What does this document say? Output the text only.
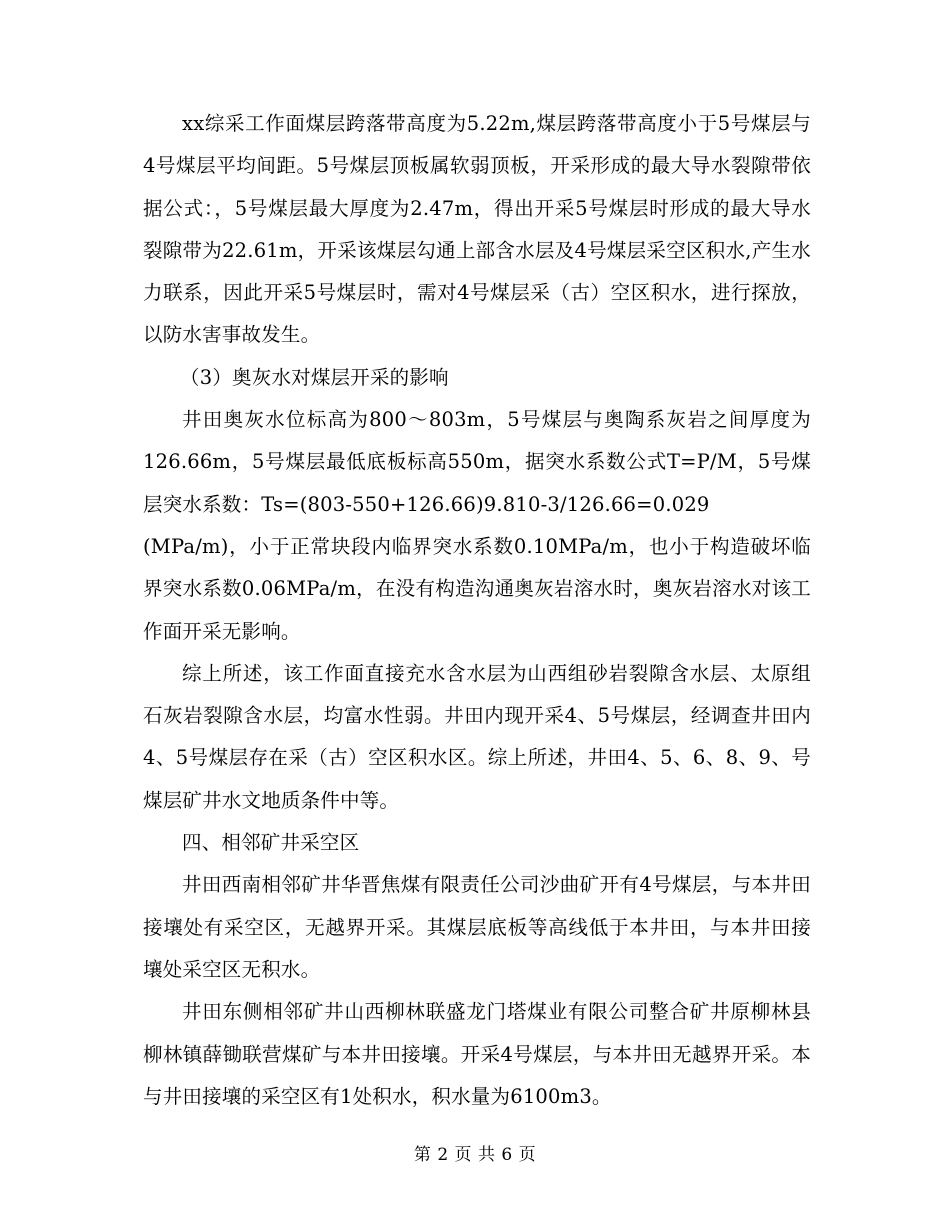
xx综采工作面煤层跨落带高度为5.22m,煤层跨落带高度小于5号煤层与4号煤层平均间距。5号煤层顶板属软弱顶板，开采形成的最大导水裂隙带依据公式：，5号煤层最大厚度为2.47m，得出开采5号煤层时形成的最大导水裂隙带为22.61m，开采该煤层勾通上部含水层及4号煤层采空区积水,产生水力联系，因此开采5号煤层时，需对4号煤层采（古）空区积水，进行探放，以防水害事故发生。

（3）奥灰水对煤层开采的影响

井田奥灰水位标高为800～803m，5号煤层与奥陶系灰岩之间厚度为126.66m，5号煤层最低底板标高550m，据突水系数公式T=P/M，5号煤层突水系数：Ts=(803-550+126.66)9.810-3/126.66=0.029

(MPa/m)，小于正常块段内临界突水系数0.10MPa/m，也小于构造破坏临界突水系数0.06MPa/m，在没有构造沟通奥灰岩溶水时，奥灰岩溶水对该工作面开采无影响。

综上所述，该工作面直接充水含水层为山西组砂岩裂隙含水层、太原组石灰岩裂隙含水层，均富水性弱。井田内现开采4、5号煤层，经调查井田内4、5号煤层存在采（古）空区积水区。综上所述，井田4、5、6、8、9、号煤层矿井水文地质条件中等。

四、相邻矿井采空区

井田西南相邻矿井华晋焦煤有限责任公司沙曲矿开有4号煤层，与本井田接壤处有采空区，无越界开采。其煤层底板等高线低于本井田，与本井田接壤处采空区无积水。

井田东侧相邻矿井山西柳林联盛龙门塔煤业有限公司整合矿井原柳林县柳林镇薛锄联营煤矿与本井田接壤。开采4号煤层，与本井田无越界开采。本与井田接壤的采空区有1处积水，积水量为6100m3。

第 2 页 共 6 页
